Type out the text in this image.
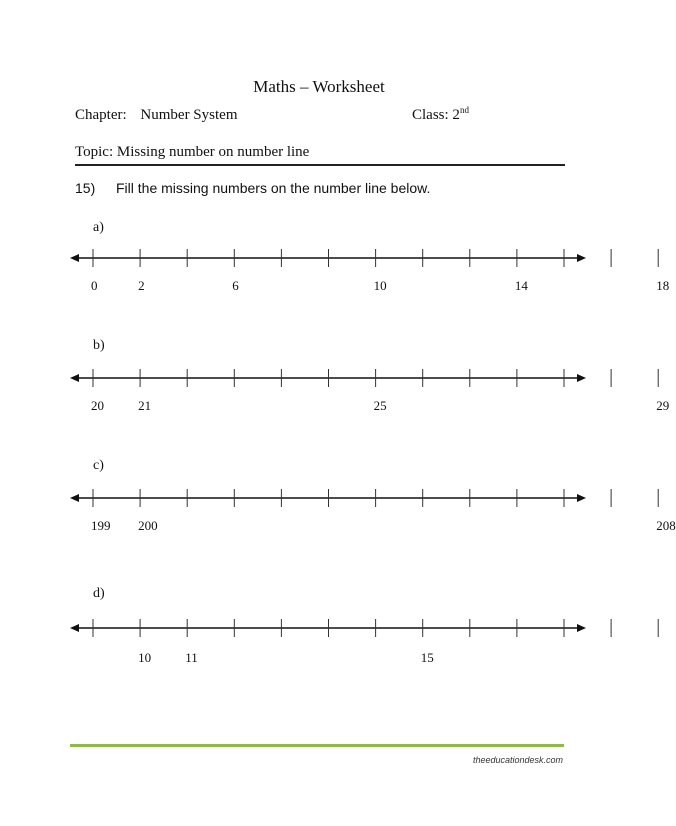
Maths – Worksheet
Chapter: Number System	Class: 2nd
Topic: Missing number on number line
15) Fill the missing numbers on the number line below.
a)
b)
c)
d)
0	2	6	10	14	18
20	21	25	29
199 200	208
10	11	15
theeducationdesk.com
